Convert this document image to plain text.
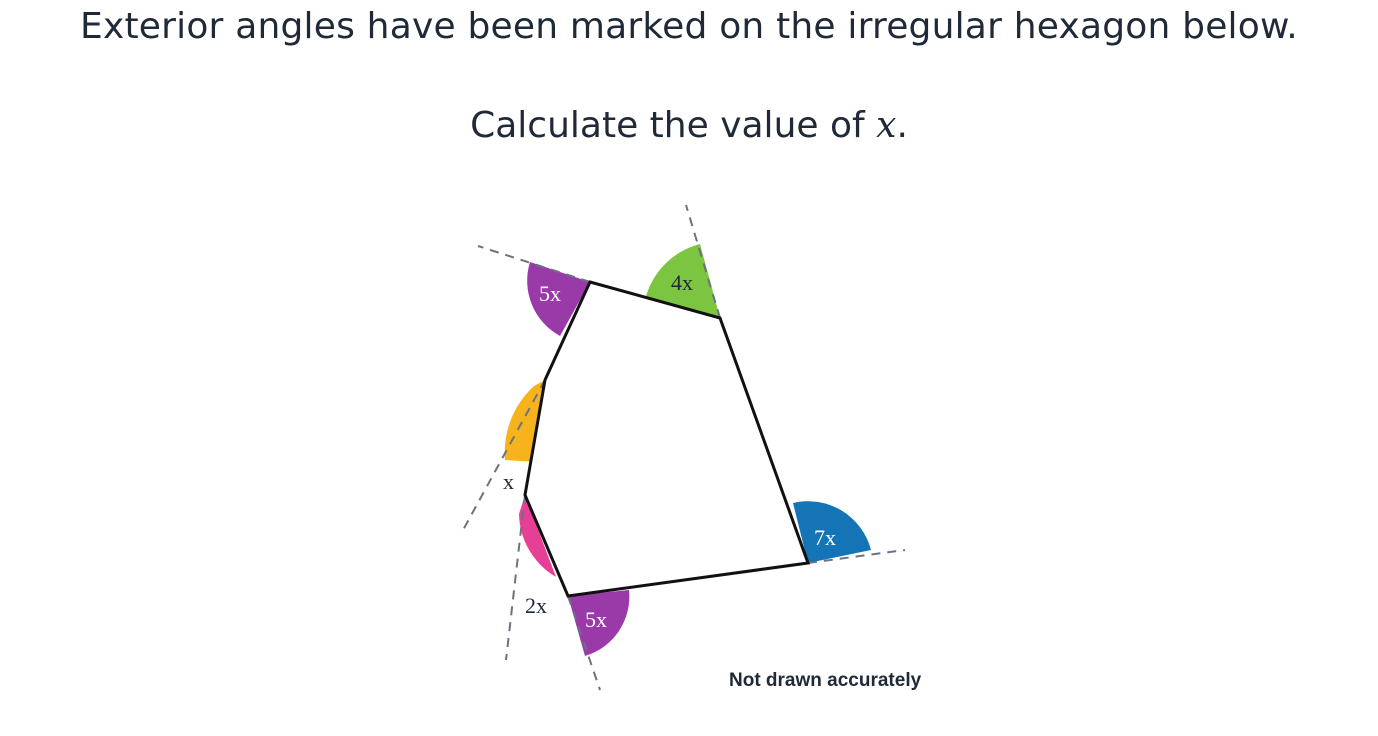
Exterior angles have been marked on the irregular hexagon below.
Calculate the value of x.
5x	4x
x
2x
5x
7x
Not drawn accurately
